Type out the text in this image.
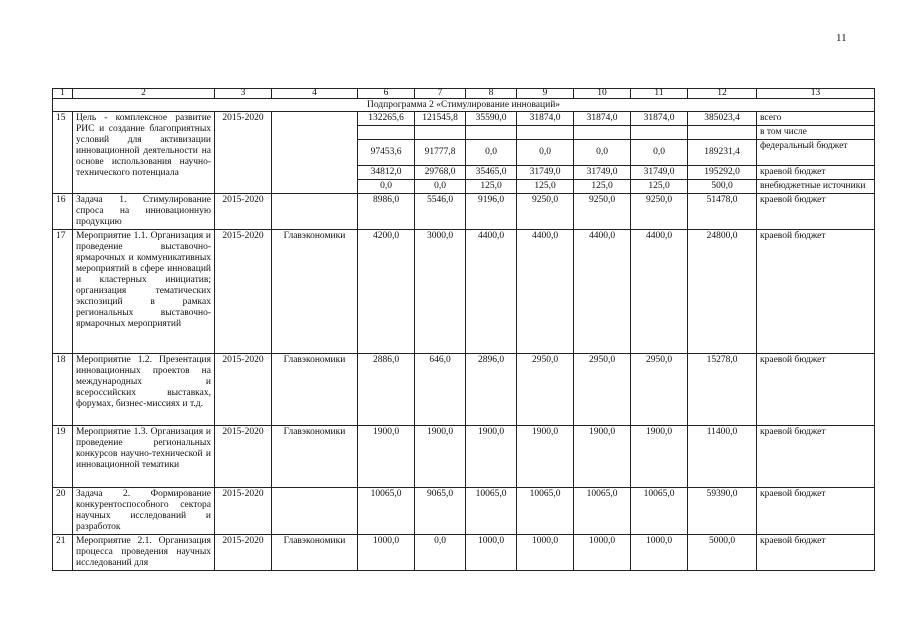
11
1	2	3	4	6	7	8	9	10	11	12	13
Подпрограмма 2 «Стимулирование инноваций»											
15	Цель - комплексное развитие РИС и создание благоприятных условий для активизации инновационной деятельности на основе использования научно-технического потенциала	2015-2020		132265,6	121545,8	35590,0	31874,0	31874,0	31874,0	385023,4	всего
											в том числе
				97453,6	91777,8	0,0	0,0	0,0	0,0	189231,4	федеральный бюджет
				34812,0	29768,0	35465,0	31749,0	31749,0	31749,0	195292,0	краевой бюджет
				0,0	0,0	125,0	125,0	125,0	125,0	500,0	внебюджетные источники
16	Задача 1. Стимулирование спроса на инновационную продукцию	2015-2020		8986,0	5546,0	9196,0	9250,0	9250,0	9250,0	51478,0	краевой бюджет
17	Мероприятие 1.1. Организация и проведение выставочно-ярмарочных и коммуникативных мероприятий в сфере инноваций и кластерных инициатив; организация тематических экспозиций в рамках региональных выставочно-ярмарочных мероприятий	2015-2020	Главэкономики	4200,0	3000,0	4400,0	4400,0	4400,0	4400,0	24800,0	краевой бюджет
18	Мероприятие 1.2. Презентация инновационных проектов на международных и всероссийских выставках, форумах, бизнес-миссиях и т.д.	2015-2020	Главэкономики	2886,0	646,0	2896,0	2950,0	2950,0	2950,0	15278,0	краевой бюджет
19	Мероприятие 1.3. Организация и проведение региональных конкурсов научно-технической и инновационной тематики	2015-2020	Главэкономики	1900,0	1900,0	1900,0	1900,0	1900,0	1900,0	11400,0	краевой бюджет
20	Задача 2. Формирование конкурентоспособного сектора научных исследований и разработок	2015-2020		10065,0	9065,0	10065,0	10065,0	10065,0	10065,0	59390,0	краевой бюджет
21	Мероприятие 2.1. Организация процесса проведения научных исследований для	2015-2020	Главэкономики	1000,0	0,0	1000,0	1000,0	1000,0	1000,0	5000,0	краевой бюджет
